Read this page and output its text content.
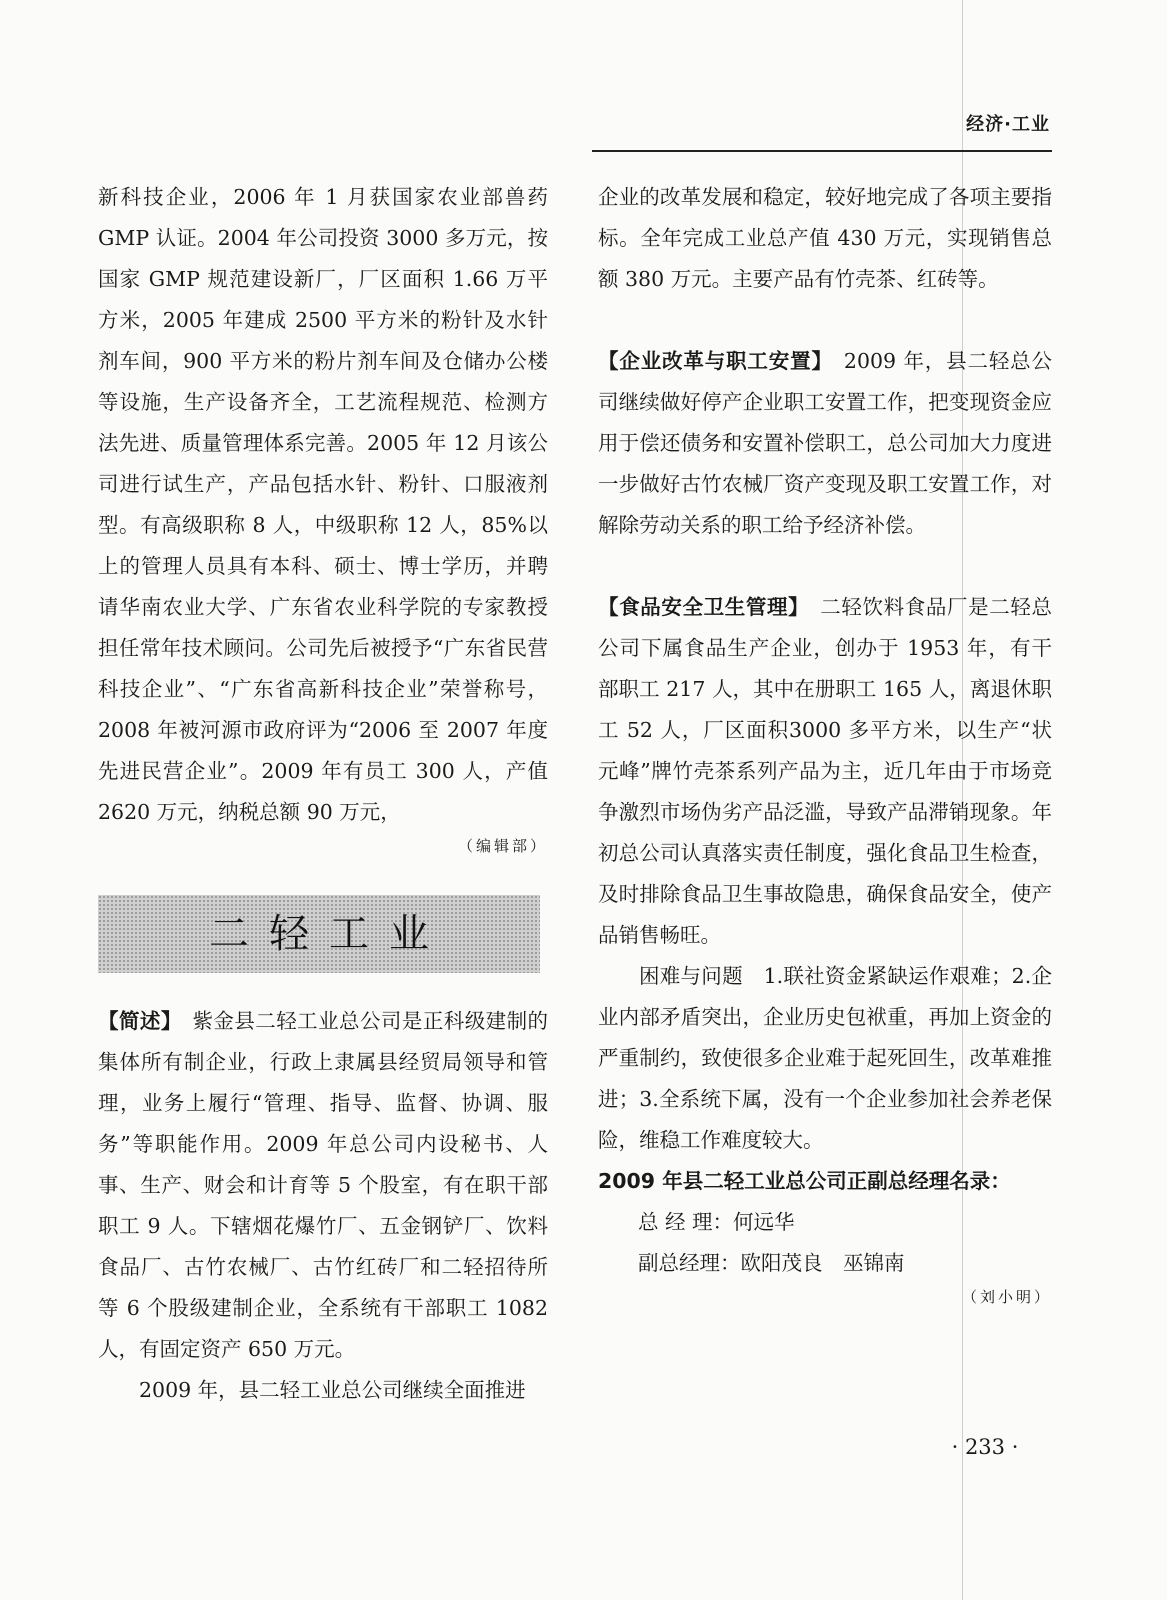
经济·工业

新科技企业，2006 年 1 月获国家农业部兽药 GMP 认证。2004 年公司投资 3000 多万元，按国家 GMP 规范建设新厂，厂区面积 1.66 万平方米，2005 年建成 2500 平方米的粉针及水针剂车间，900 平方米的粉片剂车间及仓储办公楼等设施，生产设备齐全，工艺流程规范、检测方法先进、质量管理体系完善。2005 年 12 月该公司进行试生产，产品包括水针、粉针、口服液剂型。有高级职称 8 人，中级职称 12 人，85%以上的管理人员具有本科、硕士、博士学历，并聘请华南农业大学、广东省农业科学院的专家教授担任常年技术顾问。公司先后被授予“广东省民营科技企业”、“广东省高新科技企业”荣誉称号，2008 年被河源市政府评为“2006 至 2007 年度先进民营企业”。2009 年有员工 300 人，产值2620 万元，纳税总额 90 万元，

（编辑部）

二轻工业

【简述】　 紫金县二轻工业总公司是正科级建制的集体所有制企业，行政上隶属县经贸局领导和管理，业务上履行“管理、指导、监督、协调、服务”等职能作用。2009 年总公司内设秘书、人事、生产、财会和计育等 5 个股室，有在职干部职工 9 人。下辖烟花爆竹厂、五金钢铲厂、饮料食品厂、古竹农械厂、古竹红砖厂和二轻招待所等 6 个股级建制企业，全系统有干部职工 1082 人，有固定资产 650 万元。

2009 年，县二轻工业总公司继续全面推进

企业的改革发展和稳定，较好地完成了各项主要指标。全年完成工业总产值 430 万元，实现销售总额 380 万元。主要产品有竹壳茶、红砖等。

【企业改革与职工安置】　 2009 年，县二轻总公司继续做好停产企业职工安置工作，把变现资金应用于偿还债务和安置补偿职工，总公司加大力度进一步做好古竹农械厂资产变现及职工安置工作，对解除劳动关系的职工给予经济补偿。

【食品安全卫生管理】　 二轻饮料食品厂是二轻总公司下属食品生产企业，创办于 1953 年，有干部职工 217 人，其中在册职工 165 人，离退休职工 52 人，厂区面积3000 多平方米，以生产“状元峰”牌竹壳茶系列产品为主，近几年由于市场竞争激烈市场伪劣产品泛滥，导致产品滞销现象。年初总公司认真落实责任制度，强化食品卫生检查，及时排除食品卫生事故隐患，确保食品安全，使产品销售畅旺。

困难与问题　 1.联社资金紧缺运作艰难；2.企业内部矛盾突出，企业历史包袱重，再加上资金的严重制约，致使很多企业难于起死回生，改革难推进；3.全系统下属，没有一个企业参加社会养老保险，维稳工作难度较大。

2009 年县二轻工业总公司正副总经理名录：

总 经 理：何远华

副总经理：欧阳茂良　巫锦南

（刘小明）

· 233 ·
